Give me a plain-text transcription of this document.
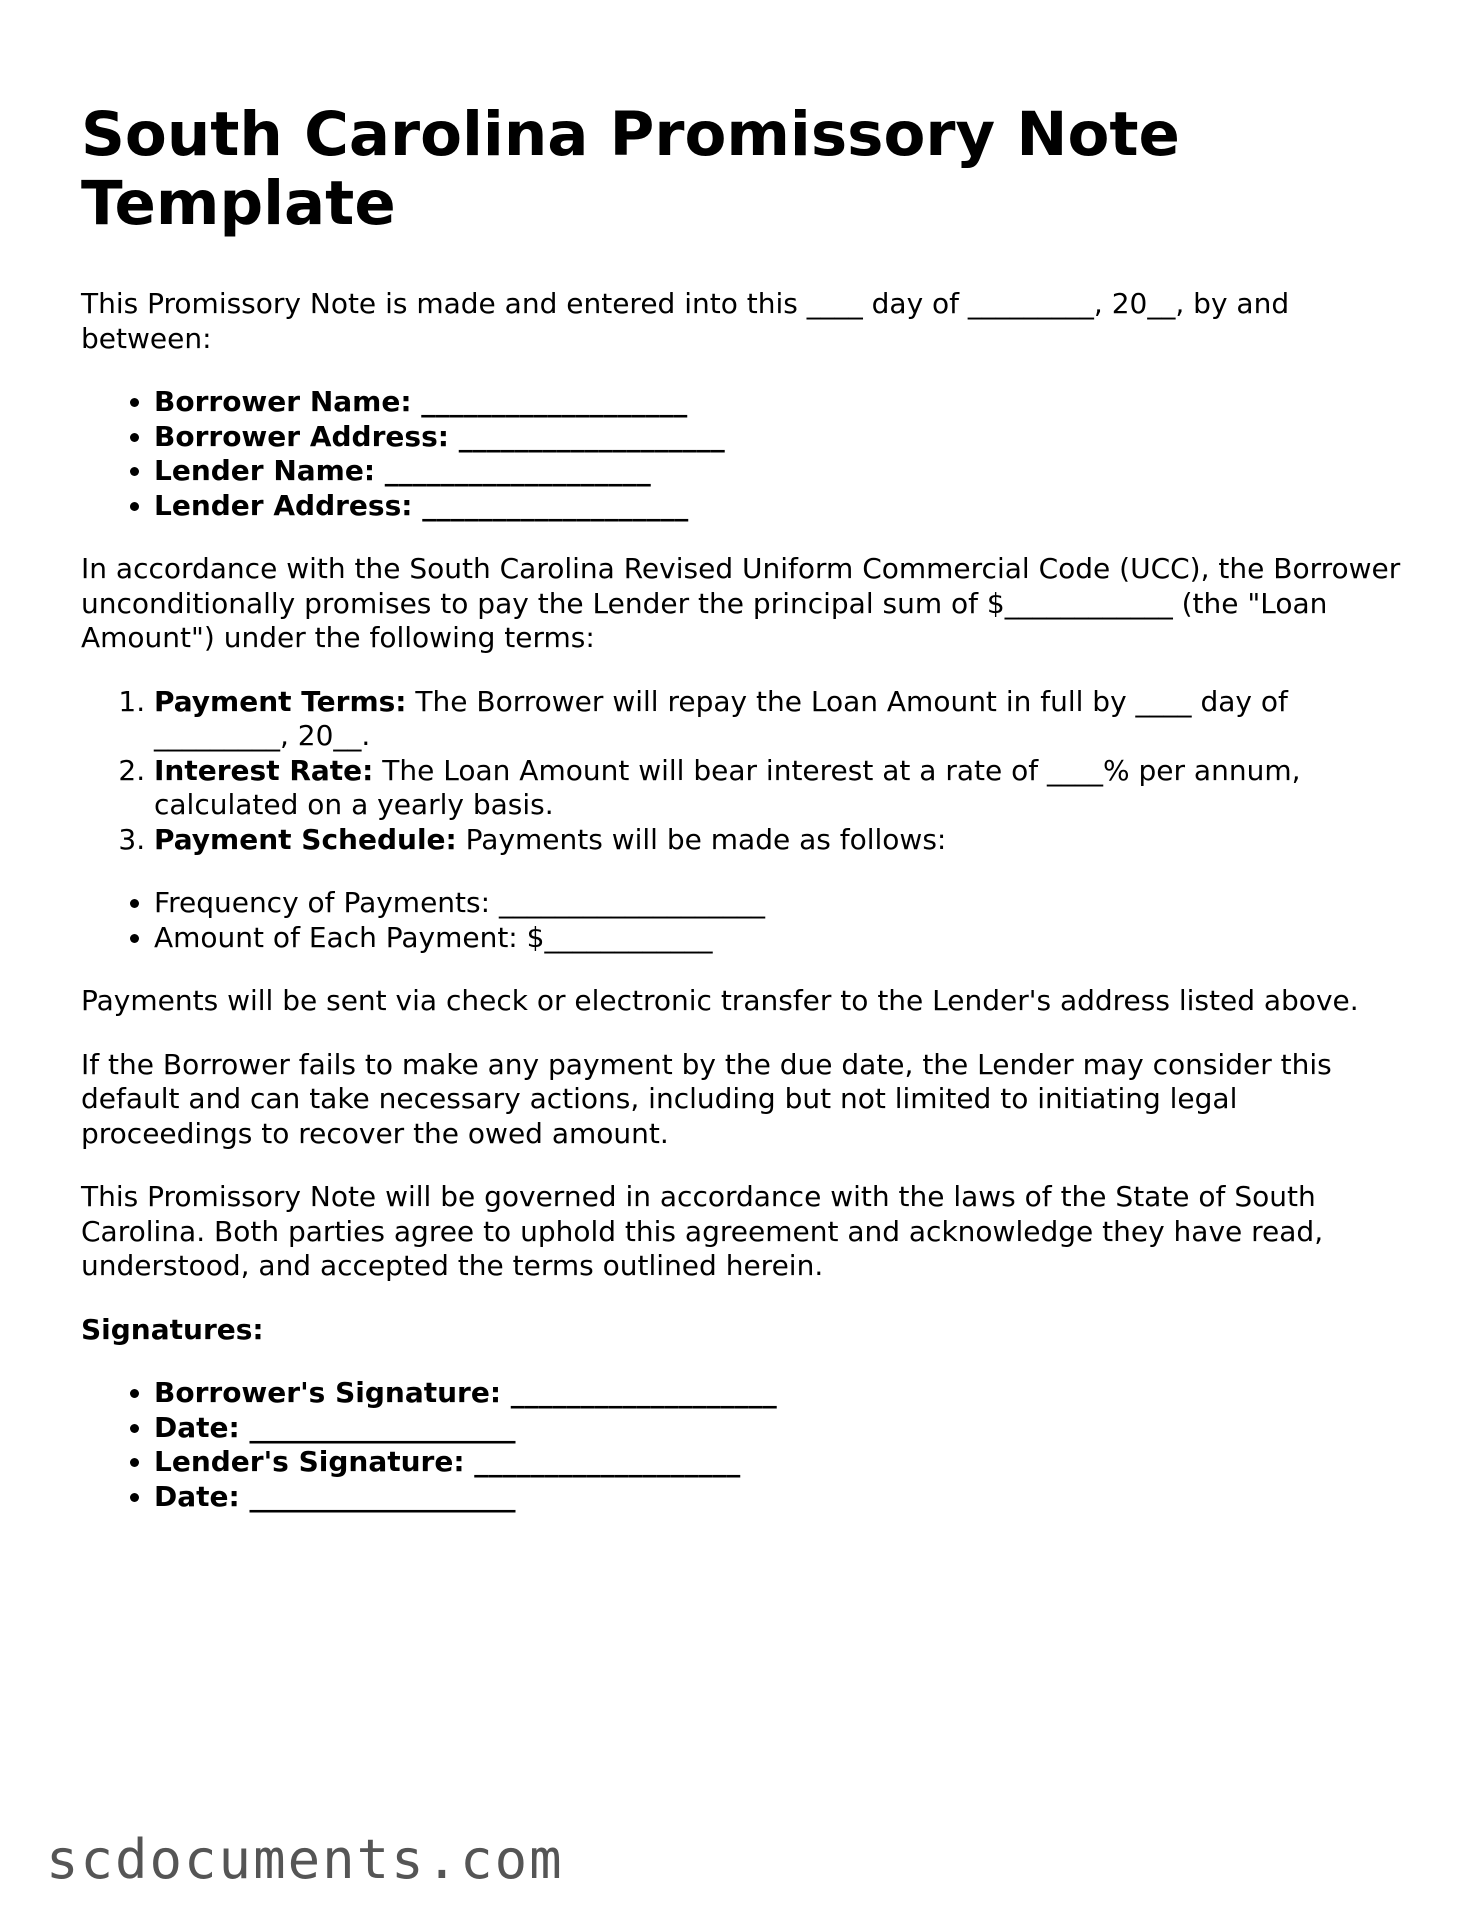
South Carolina Promissory Note Template

This Promissory Note is made and entered into this ____ day of _________, 20__, by and between:

• Borrower Name: ___________________
• Borrower Address: ___________________
• Lender Name: ___________________
• Lender Address: ___________________

In accordance with the South Carolina Revised Uniform Commercial Code (UCC), the Borrower unconditionally promises to pay the Lender the principal sum of $____________ (the "Loan Amount") under the following terms:

1. Payment Terms: The Borrower will repay the Loan Amount in full by ____ day of _________, 20__.
2. Interest Rate: The Loan Amount will bear interest at a rate of ____% per annum, calculated on a yearly basis.
3. Payment Schedule: Payments will be made as follows:
• Frequency of Payments: ___________________
• Amount of Each Payment: $____________

Payments will be sent via check or electronic transfer to the Lender's address listed above.

If the Borrower fails to make any payment by the due date, the Lender may consider this default and can take necessary actions, including but not limited to initiating legal proceedings to recover the owed amount.

This Promissory Note will be governed in accordance with the laws of the State of South Carolina. Both parties agree to uphold this agreement and acknowledge they have read, understood, and accepted the terms outlined herein.

Signatures:
• Borrower's Signature: ___________________
• Date: ___________________
• Lender's Signature: ___________________
• Date: ___________________
scdocuments.com
